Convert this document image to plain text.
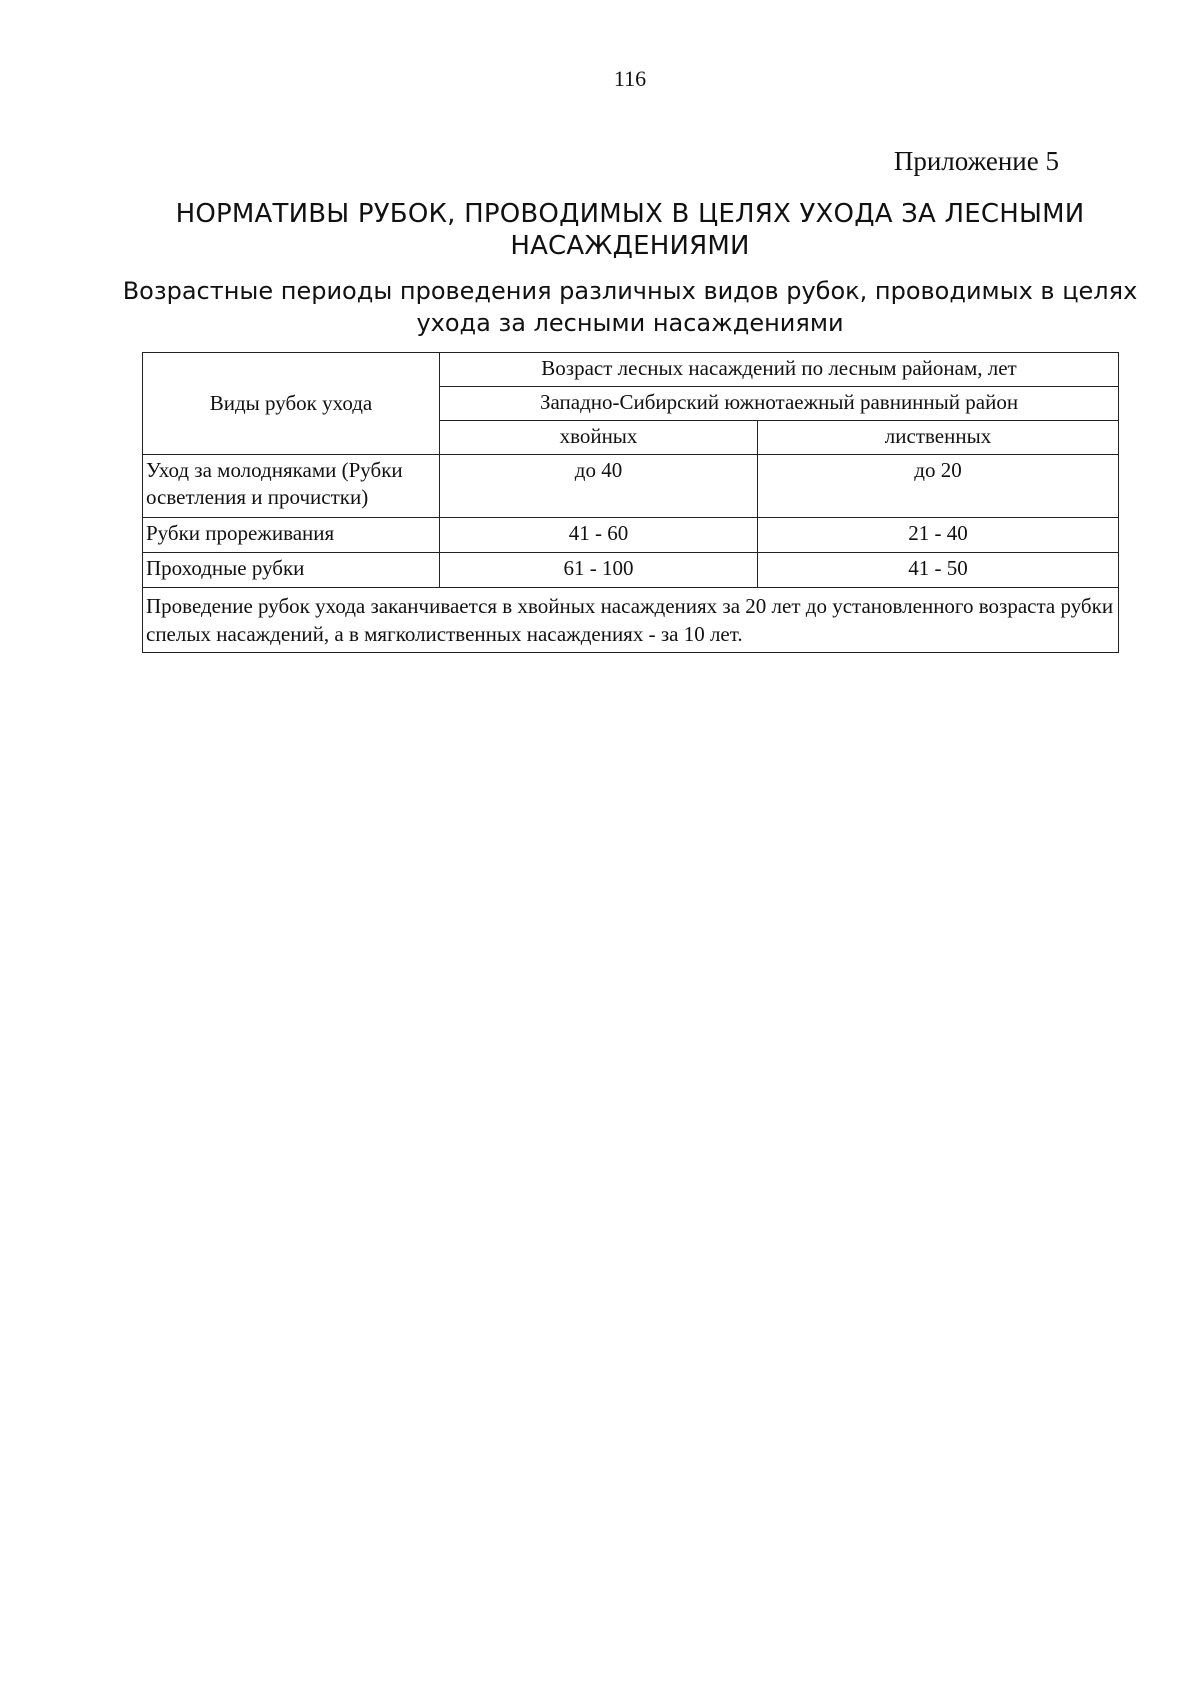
116
Приложение 5
НОРМАТИВЫ РУБОК, ПРОВОДИМЫХ В ЦЕЛЯХ УХОДА ЗА ЛЕСНЫМИ НАСАЖДЕНИЯМИ
Возрастные периоды проведения различных видов рубок, проводимых в целях ухода за лесными насаждениями
Виды рубок ухода	Возраст лесных насаждений по лесным районам, лет	
	Западно-Сибирский южнотаежный равнинный район	
	хвойных	лиственных
Уход за молодняками (Рубки осветления и прочистки)	до 40	до 20
Рубки прореживания	41 - 60	21 - 40
Проходные рубки	61 - 100	41 - 50
Проведение рубок ухода заканчивается в хвойных насаждениях за 20 лет до установленного возраста рубки спелых насаждений, а в мягколиственных насаждениях - за 10 лет.		
